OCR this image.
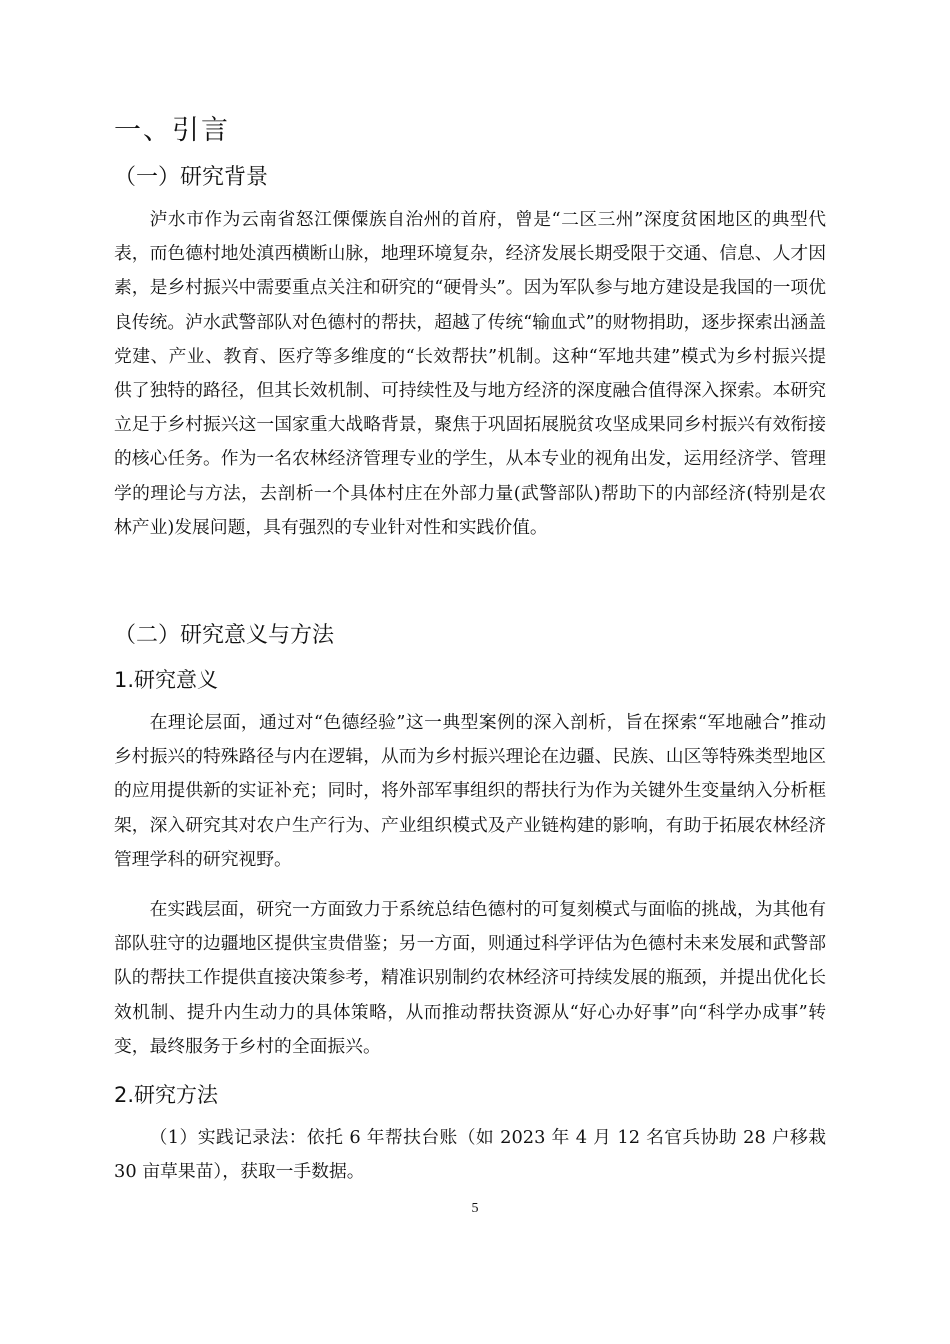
一、引言
（一）研究背景

泸水市作为云南省怒江傈僳族自治州的首府，曾是“二区三州”深度贫困地区的典型代表，而色德村地处滇西横断山脉，地理环境复杂，经济发展长期受限于交通、信息、人才因素，是乡村振兴中需要重点关注和研究的“硬骨头”。因为军队参与地方建设是我国的一项优良传统。泸水武警部队对色德村的帮扶，超越了传统“输血式”的财物捐助，逐步探索出涵盖党建、产业、教育、医疗等多维度的“长效帮扶”机制。这种“军地共建”模式为乡村振兴提供了独特的路径，但其长效机制、可持续性及与地方经济的深度融合值得深入探索。本研究立足于乡村振兴这一国家重大战略背景，聚焦于巩固拓展脱贫攻坚成果同乡村振兴有效衔接的核心任务。作为一名农林经济管理专业的学生，从本专业的视角出发，运用经济学、管理学的理论与方法，去剖析一个具体村庄在外部力量(武警部队)帮助下的内部经济(特别是农林产业)发展问题，具有强烈的专业针对性和实践价值。

（二）研究意义与方法
1.研究意义

在理论层面，通过对“色德经验”这一典型案例的深入剖析，旨在探索“军地融合”推动乡村振兴的特殊路径与内在逻辑，从而为乡村振兴理论在边疆、民族、山区等特殊类型地区的应用提供新的实证补充；同时，将外部军事组织的帮扶行为作为关键外生变量纳入分析框架，深入研究其对农户生产行为、产业组织模式及产业链构建的影响，有助于拓展农林经济管理学科的研究视野。

在实践层面，研究一方面致力于系统总结色德村的可复刻模式与面临的挑战，为其他有部队驻守的边疆地区提供宝贵借鉴；另一方面，则通过科学评估为色德村未来发展和武警部队的帮扶工作提供直接决策参考，精准识别制约农林经济可持续发展的瓶颈，并提出优化长效机制、提升内生动力的具体策略，从而推动帮扶资源从“好心办好事”向“科学办成事”转变，最终服务于乡村的全面振兴。

2.研究方法

（1）实践记录法：依托 6 年帮扶台账（如 2023 年 4 月 12 名官兵协助 28 户移栽 30 亩草果苗），获取一手数据。

5
